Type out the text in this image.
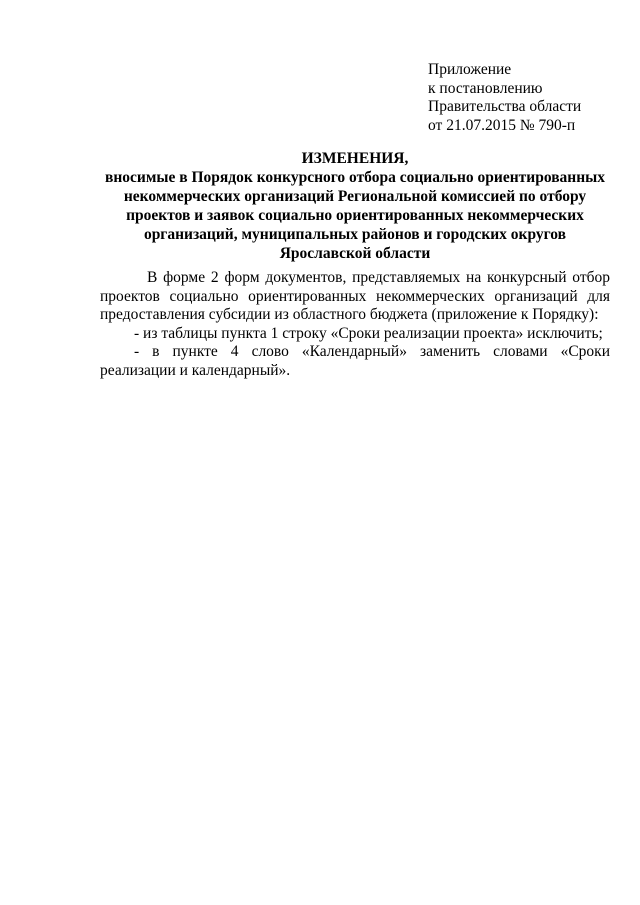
Приложение
к постановлению
Правительства области
от 21.07.2015 № 790-п
ИЗМЕНЕНИЯ,
вносимые в Порядок конкурсного отбора социально ориентированных
некоммерческих организаций Региональной комиссией по отбору
проектов и заявок социально ориентированных некоммерческих
организаций, муниципальных районов и городских округов
Ярославской области
В форме 2 форм документов, представляемых на конкурсный отбор
проектов социально ориентированных некоммерческих организаций для
предоставления субсидии из областного бюджета (приложение к Порядку):
- из таблицы пункта 1 строку «Сроки реализации проекта» исключить;
- в пункте 4 слово «Календарный» заменить словами «Сроки
реализации и календарный».
